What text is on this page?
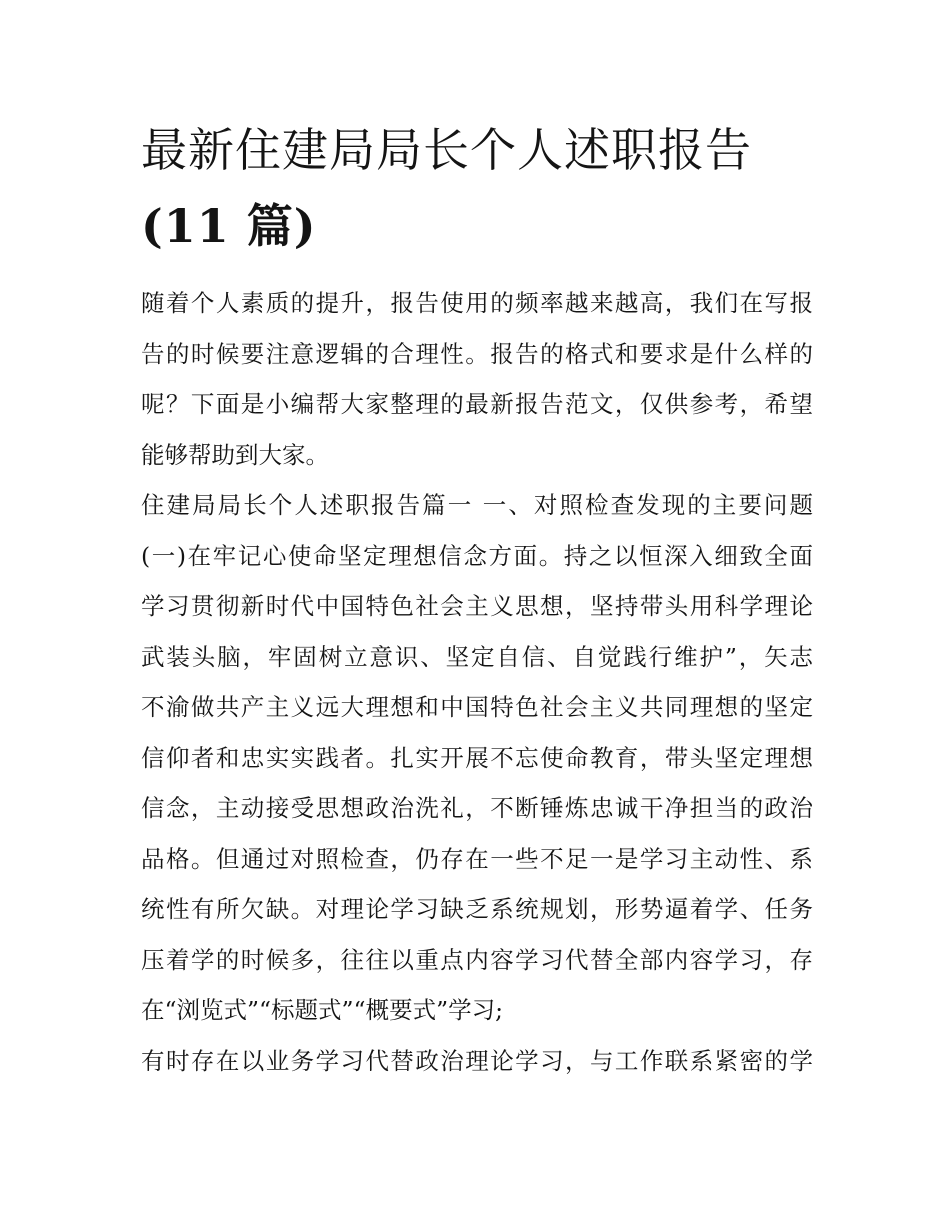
最新住建局局长个人述职报告
(11 篇)
随着个人素质的提升，报告使用的频率越来越高，我们在写报
告的时候要注意逻辑的合理性。报告的格式和要求是什么样的
呢？下面是小编帮大家整理的最新报告范文，仅供参考，希望
能够帮助到大家。
住建局局长个人述职报告篇一 一、对照检查发现的主要问题
(一)在牢记心使命坚定理想信念方面。持之以恒深入细致全面
学习贯彻新时代中国特色社会主义思想，坚持带头用科学理论
武装头脑，牢固树立意识、坚定自信、自觉践行维护”，矢志
不渝做共产主义远大理想和中国特色社会主义共同理想的坚定
信仰者和忠实实践者。扎实开展不忘使命教育，带头坚定理想
信念，主动接受思想政治洗礼，不断锤炼忠诚干净担当的政治
品格。但通过对照检查，仍存在一些不足一是学习主动性、系
统性有所欠缺。对理论学习缺乏系统规划，形势逼着学、任务
压着学的时候多，往往以重点内容学习代替全部内容学习，存
在“浏览式”“标题式”“概要式”学习;
有时存在以业务学习代替政治理论学习，与工作联系紧密的学
